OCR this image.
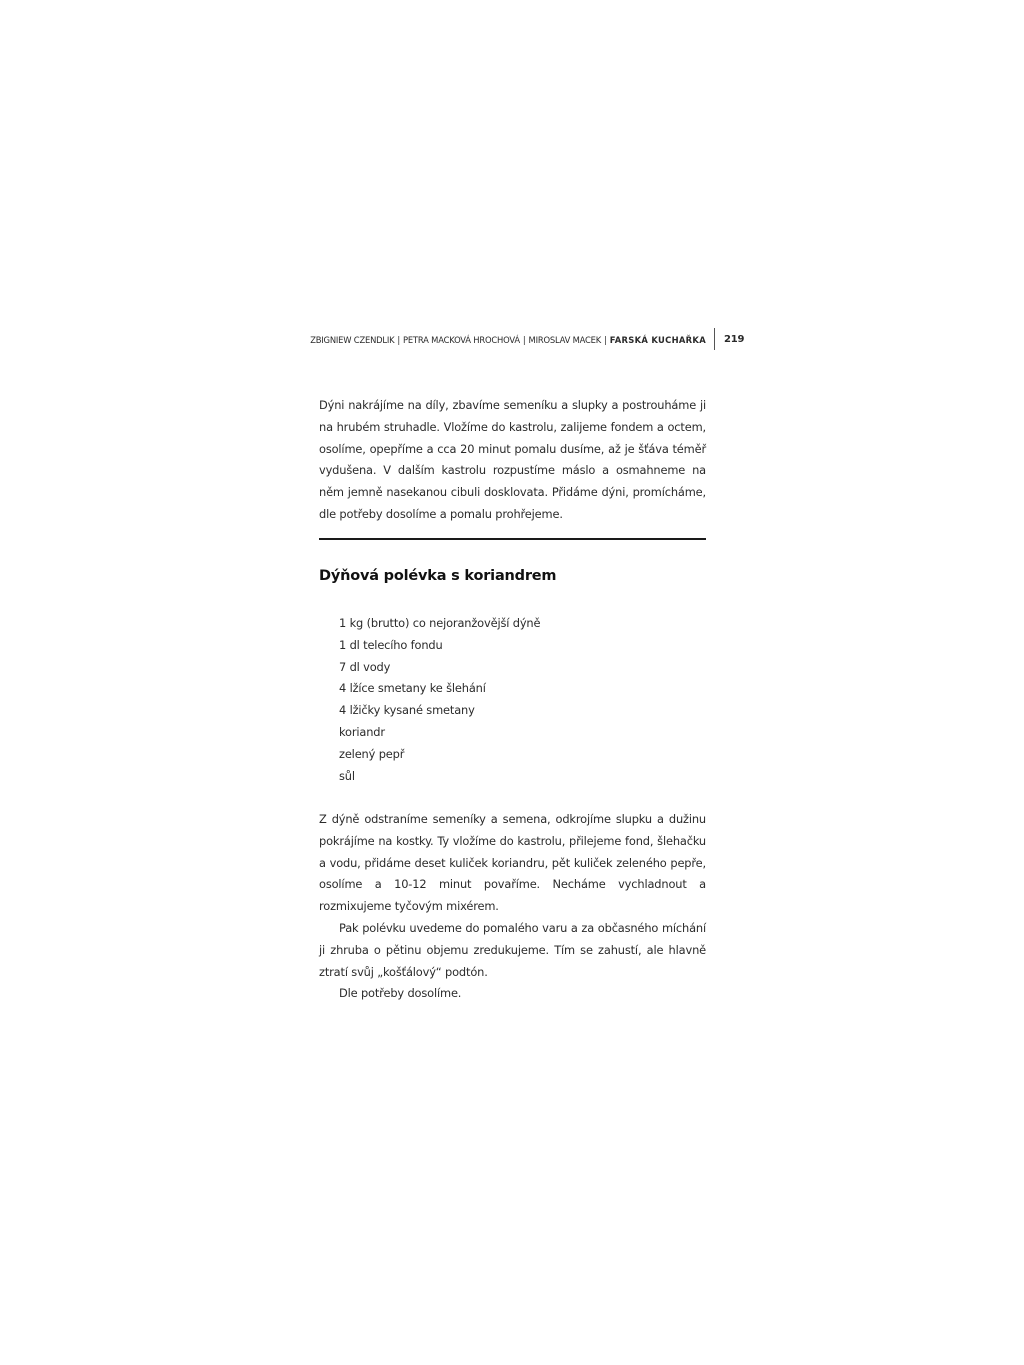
ZBIGNIEW CZENDLIK | PETRA MACKOVÁ HROCHOVÁ | MIROSLAV MACEK | FARSKÁ KUCHAŘKA 219

Dýni nakrájíme na díly, zbavíme semeníku a slupky a postrouháme ji na hrubém struhadle. Vložíme do kastrolu, zalijeme fondem a octem, osolíme, opepříme a cca 20 minut pomalu dusíme, až je šťáva téměř vydušena. V dalším kastrolu rozpustíme máslo a osmahneme na něm jemně nasekanou cibuli dosklovata. Přidáme dýni, promícháme, dle potřeby dosolíme a pomalu prohřejeme.

Dýňová polévka s koriandrem
1 kg (brutto) co nejoranžovější dýně
1 dl telecího fondu
7 dl vody
4 lžíce smetany ke šlehání
4 lžičky kysané smetany
koriandr
zelený pepř
sůl

Z dýně odstraníme semeníky a semena, odkrojíme slupku a dužinu pokrájíme na kostky. Ty vložíme do kastrolu, přilejeme fond, šlehačku a vodu, přidáme deset kuliček koriandru, pět kuliček zeleného pepře, osolíme a 10-12 minut povaříme. Necháme vychladnout a rozmixujeme tyčovým mixérem.

Pak polévku uvedeme do pomalého varu a za občasného míchání ji zhruba o pětinu objemu zredukujeme. Tím se zahustí, ale hlavně ztratí svůj „košťálový“ podtón.

Dle potřeby dosolíme.
